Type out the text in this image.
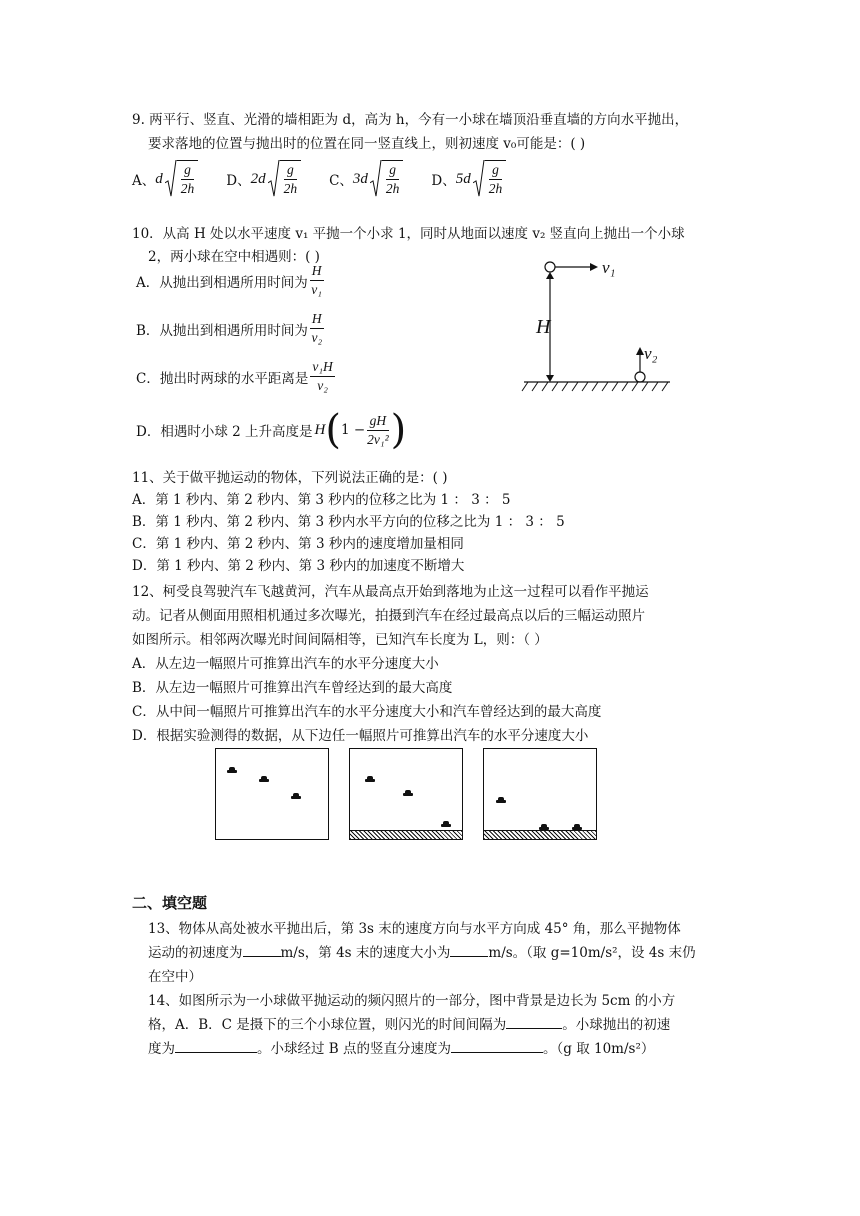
9. 两平行、竖直、光滑的墙相距为 d，高为 h，今有一小球在墙顶沿垂直墙的方向水平抛出，
要求落地的位置与抛出时的位置在同一竖直线上，则初速度 v₀可能是：( )
A、 d $\frac{g}{2h}$ D、 $2d \frac{g}{2h}$ C、 $3d \frac{g}{2h}$ D、 $5d \frac{g}{2h}$
10．从高 H 处以水平速度 v₁ 平抛一个小求 1，同时从地面以速度 v₂ 竖直向上抛出一个小球
2，两小球在空中相遇则：( )
A．从抛出到相遇所用时间为 $\frac{H}{\text{v₁}}$
B．从抛出到相遇所用时间为 $\frac{H}{\text{v₂}}$
C．抛出时两球的水平距离是 $\frac{\text{v₁H}}{\text{v₂}}$
D．相遇时小球 2 上升高度是 H ( $1 - \frac{gH}{\text{2v₁²}}$ )
v₁
H
v₂
11、关于做平抛运动的物体，下列说法正确的是：( )
A．第 1 秒内、第 2 秒内、第 3 秒内的位移之比为 1 ： 3 ： 5
B．第 1 秒内、第 2 秒内、第 3 秒内水平方向的位移之比为 1 ： 3 ： 5
C．第 1 秒内、第 2 秒内、第 3 秒内的速度增加量相同
D．第 1 秒内、第 2 秒内、第 3 秒内的加速度不断增大
12、柯受良驾驶汽车飞越黄河，汽车从最高点开始到落地为止这一过程可以看作平抛运
动。记者从侧面用照相机通过多次曝光，拍摄到汽车在经过最高点以后的三幅运动照片
如图所示。相邻两次曝光时间间隔相等，已知汽车长度为 L，则：（ ）
A．从左边一幅照片可推算出汽车的水平分速度大小
B．从左边一幅照片可推算出汽车曾经达到的最大高度
C．从中间一幅照片可推算出汽车的水平分速度大小和汽车曾经达到的最大高度
D．根据实验测得的数据，从下边任一幅照片可推算出汽车的水平分速度大小
二、填空题
13、物体从高处被水平抛出后，第 3s 末的速度方向与水平方向成 45° 角，那么平抛物体
运动的初速度为	m/s，第 4s 末的速度大小为	m/s。（取 g=10m/s²，设 4s 末仍
在空中）
14、如图所示为一小球做平抛运动的频闪照片的一部分，图中背景是边长为 5cm 的小方
格，A．B．C 是摄下的三个小球位置，则闪光的时间间隔为	。小球抛出的初速
度为	。小球经过 B 点的竖直分速度为	。（g 取 10m/s²）
